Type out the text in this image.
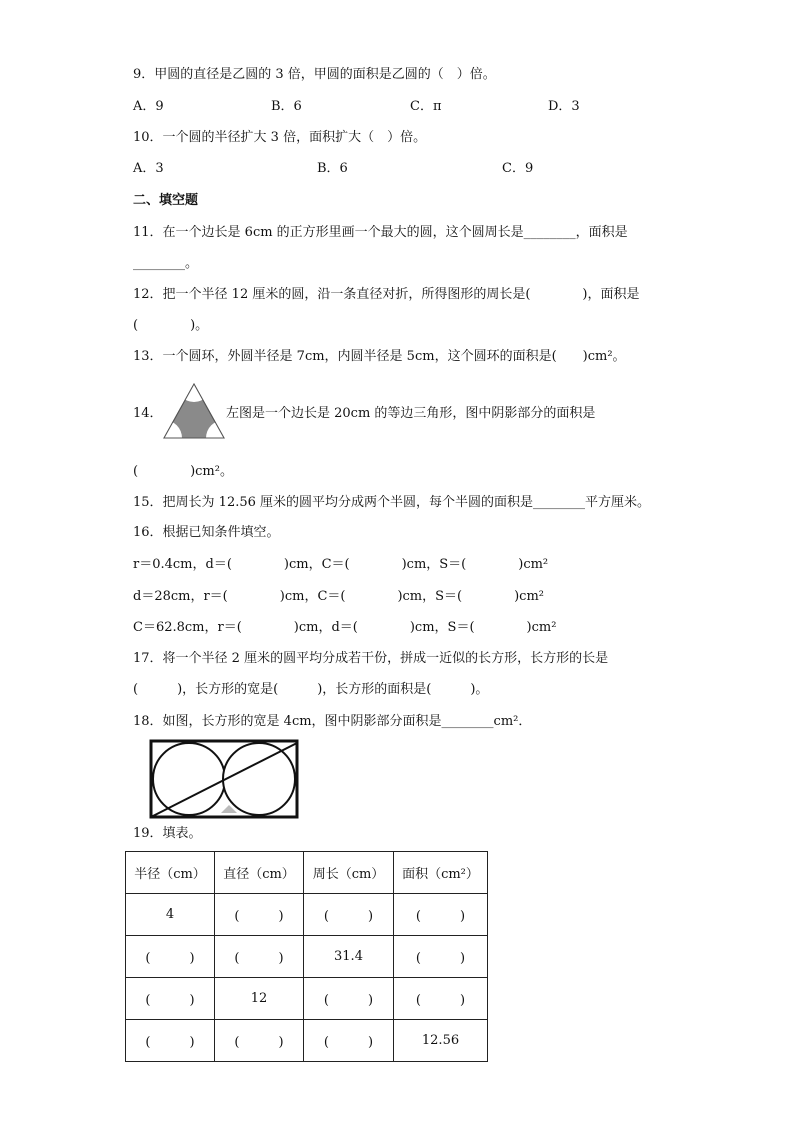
9．甲圆的直径是乙圆的 3 倍，甲圆的面积是乙圆的（　）倍。
A．9	B．6	C．π	D．3
10．一个圆的半径扩大 3 倍，面积扩大（　）倍。
A．3	B．6	C．9
二、填空题
11．在一个边长是 6cm 的正方形里画一个最大的圆，这个圆周长是________，面积是
________。
12．把一个半径 12 厘米的圆，沿一条直径对折，所得图形的周长是(　　　　)，面积是
(　　　　)。
13．一个圆环，外圆半径是 7cm，内圆半径是 5cm，这个圆环的面积是(　　)cm²。
14．	左图是一个边长是 20cm 的等边三角形，图中阴影部分的面积是
(　　　　)cm²。
15．把周长为 12.56 厘米的圆平均分成两个半圆，每个半圆的面积是________平方厘米。
16．根据已知条件填空。
r＝0.4cm，d＝(　　　　)cm，C＝(　　　　)cm，S＝(　　　　)cm²
d＝28cm，r＝(　　　　)cm，C＝(　　　　)cm，S＝(　　　　)cm²
C＝62.8cm，r＝(　　　　)cm，d＝(　　　　)cm，S＝(　　　　)cm²
17．将一个半径 2 厘米的圆平均分成若干份，拼成一近似的长方形，长方形的长是
(　　　)，长方形的宽是(　　　)，长方形的面积是(　　　)。
18．如图，长方形的宽是 4cm，图中阴影部分面积是________cm²．
19．填表。
半径（cm）	直径（cm）	周长（cm）	面积（cm²）
4	(　　　)	(　　　)	(　　　)
(　　　)	(　　　)	31.4	(　　　)
(　　　)	12	(　　　)	(　　　)
(　　　)	(　　　)	(　　　)	12.56
